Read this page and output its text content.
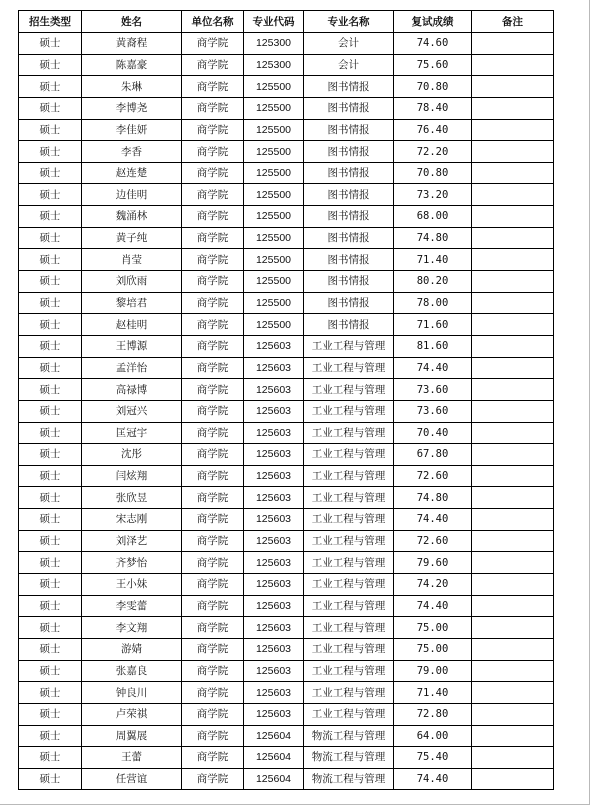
招生类型	姓名	单位名称	专业代码	专业名称	复试成绩	备注
硕士	黄裔程	商学院	125300	会计	74.60	
硕士	陈嘉豪	商学院	125300	会计	75.60	
硕士	朱琳	商学院	125500	图书情报	70.80	
硕士	李博尧	商学院	125500	图书情报	78.40	
硕士	李佳妍	商学院	125500	图书情报	76.40	
硕士	李香	商学院	125500	图书情报	72.20	
硕士	赵连楚	商学院	125500	图书情报	70.80	
硕士	边佳明	商学院	125500	图书情报	73.20	
硕士	魏涌林	商学院	125500	图书情报	68.00	
硕士	黄子纯	商学院	125500	图书情报	74.80	
硕士	肖莹	商学院	125500	图书情报	71.40	
硕士	刘欣雨	商学院	125500	图书情报	80.20	
硕士	黎培君	商学院	125500	图书情报	78.00	
硕士	赵桂明	商学院	125500	图书情报	71.60	
硕士	王博源	商学院	125603	工业工程与管理	81.60	
硕士	孟洋怡	商学院	125603	工业工程与管理	74.40	
硕士	高禄博	商学院	125603	工业工程与管理	73.60	
硕士	刘冠兴	商学院	125603	工业工程与管理	73.60	
硕士	匡冠宇	商学院	125603	工业工程与管理	70.40	
硕士	沈彤	商学院	125603	工业工程与管理	67.80	
硕士	闫炫翔	商学院	125603	工业工程与管理	72.60	
硕士	张欣昱	商学院	125603	工业工程与管理	74.80	
硕士	宋志刚	商学院	125603	工业工程与管理	74.40	
硕士	刘泽艺	商学院	125603	工业工程与管理	72.60	
硕士	齐梦怡	商学院	125603	工业工程与管理	79.60	
硕士	王小妹	商学院	125603	工业工程与管理	74.20	
硕士	李雯蕾	商学院	125603	工业工程与管理	74.40	
硕士	李文翔	商学院	125603	工业工程与管理	75.00	
硕士	游婧	商学院	125603	工业工程与管理	75.00	
硕士	张嘉良	商学院	125603	工业工程与管理	79.00	
硕士	钟良川	商学院	125603	工业工程与管理	71.40	
硕士	卢荣祺	商学院	125603	工业工程与管理	72.80	
硕士	周翼展	商学院	125604	物流工程与管理	64.00	
硕士	王蕾	商学院	125604	物流工程与管理	75.40	
硕士	任营谊	商学院	125604	物流工程与管理	74.40	
